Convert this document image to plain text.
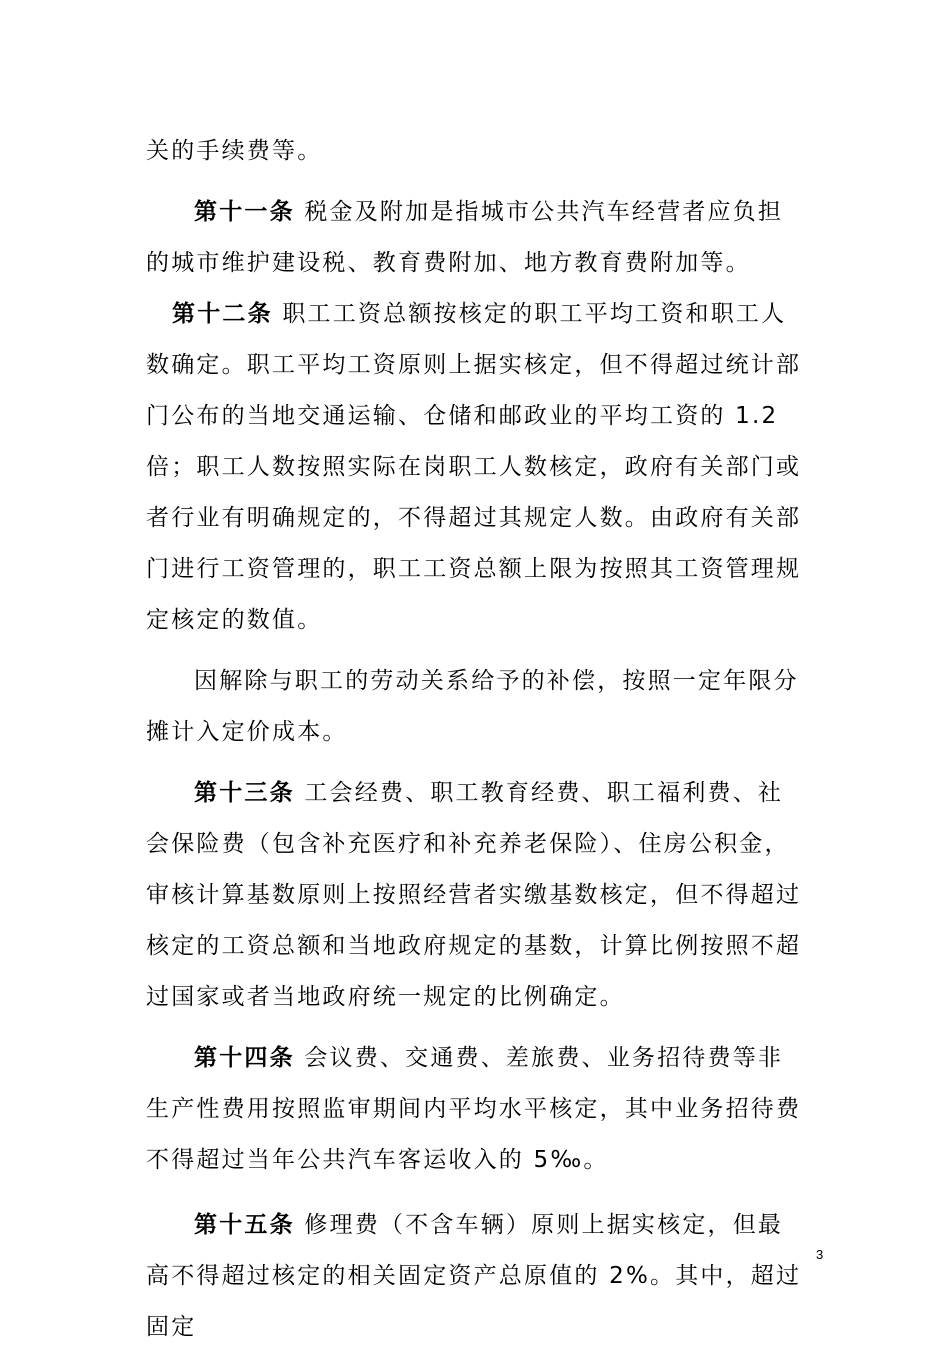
关的手续费等。

第十一条 税金及附加是指城市公共汽车经营者应负担的城市维护建设税、教育费附加、地方教育费附加等。

第十二条 职工工资总额按核定的职工平均工资和职工人数确定。职工平均工资原则上据实核定，但不得超过统计部门公布的当地交通运输、仓储和邮政业的平均工资的 1.2 倍；职工人数按照实际在岗职工人数核定，政府有关部门或者行业有明确规定的，不得超过其规定人数。由政府有关部门进行工资管理的，职工工资总额上限为按照其工资管理规定核定的数值。

因解除与职工的劳动关系给予的补偿，按照一定年限分摊计入定价成本。

第十三条 工会经费、职工教育经费、职工福利费、社会保险费（包含补充医疗和补充养老保险）、住房公积金，审核计算基数原则上按照经营者实缴基数核定，但不得超过核定的工资总额和当地政府规定的基数，计算比例按照不超过国家或者当地政府统一规定的比例确定。

第十四条 会议费、交通费、差旅费、业务招待费等非生产性费用按照监审期间内平均水平核定，其中业务招待费不得超过当年公共汽车客运收入的 5‰。

第十五条 修理费（不含车辆）原则上据实核定，但最高不得超过核定的相关固定资产总原值的 2%。其中，超过固定

3
